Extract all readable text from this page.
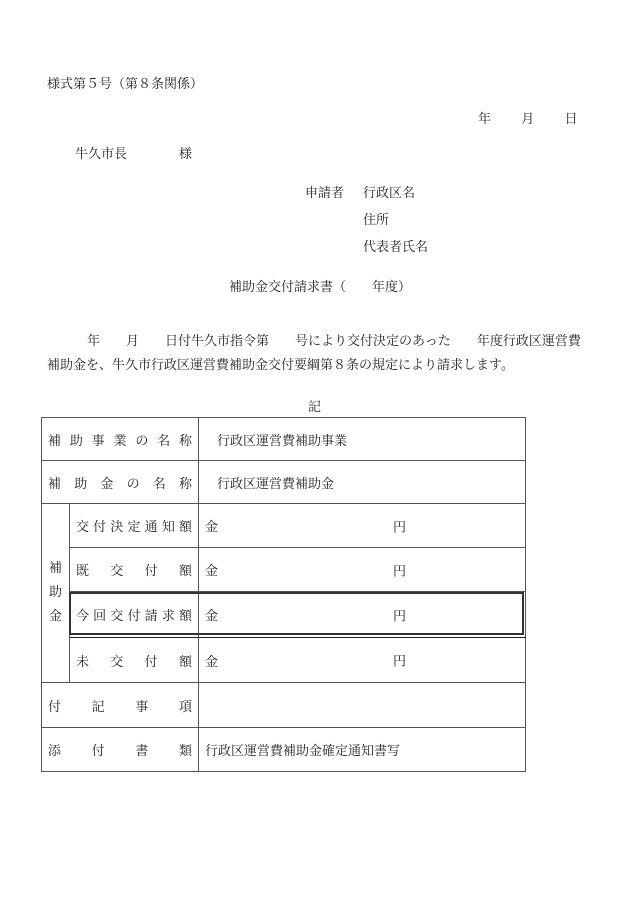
様式第５号（第８条関係）
年 月 日
牛久市長	様
申請者 行政区名
住所
代表者氏名
補助金交付請求書（　　年度）
年　　月　　日付牛久市指令第　　号により交付決定のあった　　年度行政区運営費補助金を、牛久市行政区運営費補助金交付要綱第８条の規定により請求します。
記
補助事業の名称		行政区運営費補助事業
補助金の名称		行政区運営費補助金

補
助
金	交付決定通知額	金 円

	既交付額	金 円

	今回交付請求額	金 円

	未交付額	金 円

付記事項		
添付書類		行政区運営費補助金確定通知書写
